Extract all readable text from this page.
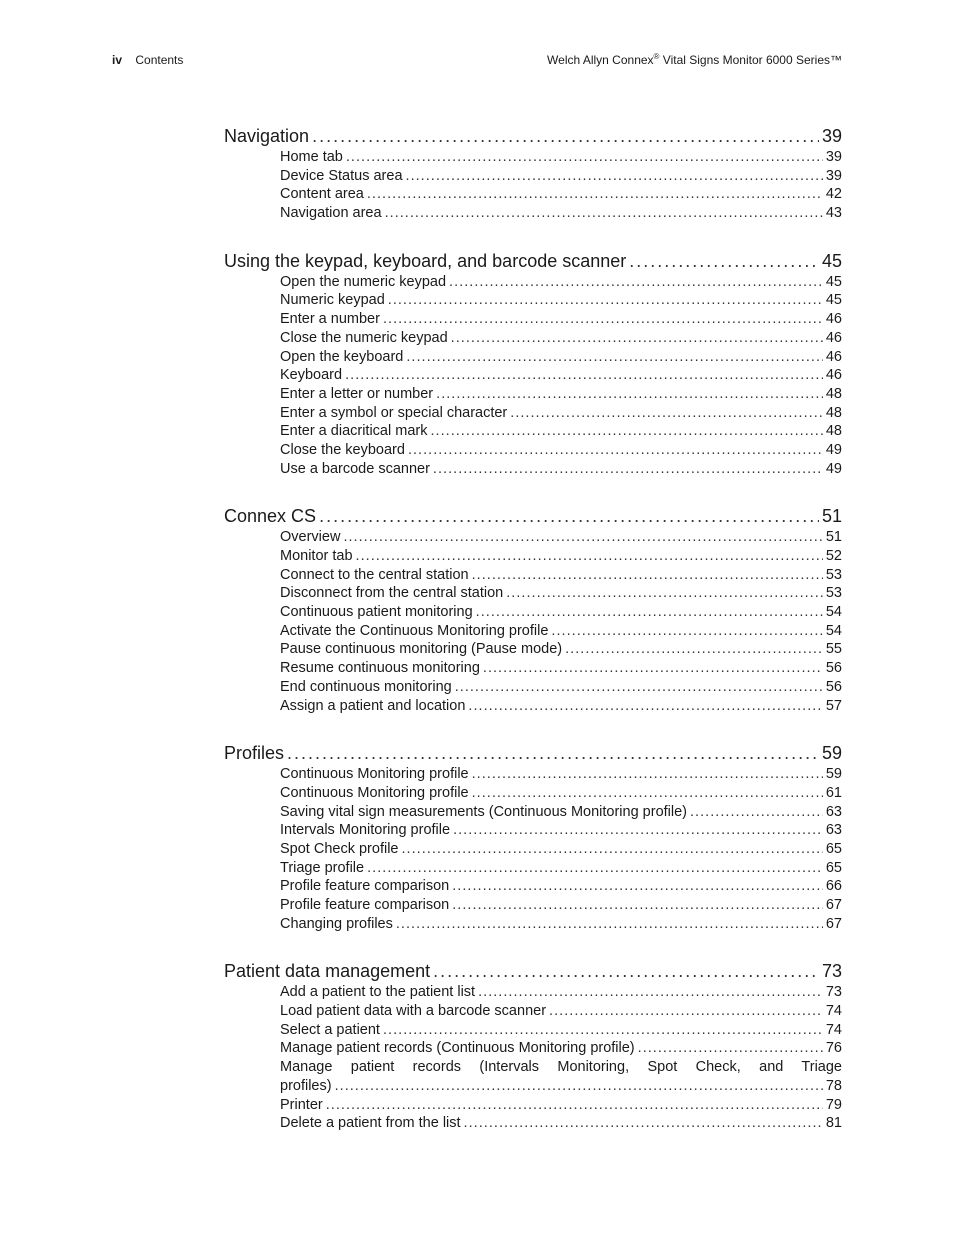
iv Contents	Welch Allyn Connex® Vital Signs Monitor 6000 Series™
Navigation . . .	39
Home tab . . .	39
Device Status area . . .	39
Content area . . .	42
Navigation area . . .	43
Using the keypad, keyboard, and barcode scanner . . .	45
Open the numeric keypad . . .	45
Numeric keypad . . .	45
Enter a number . . .	46
Close the numeric keypad . . .	46
Open the keyboard . . .	46
Keyboard . . .	46
Enter a letter or number . . .	48
Enter a symbol or special character . . .	48
Enter a diacritical mark . . .	48
Close the keyboard . . .	49
Use a barcode scanner . . .	49
Connex CS . . .	51
Overview . . .	51
Monitor tab . . .	52
Connect to the central station . . .	53
Disconnect from the central station . . .	53
Continuous patient monitoring . . .	54
Activate the Continuous Monitoring profile . . .	54
Pause continuous monitoring (Pause mode) . . .	55
Resume continuous monitoring . . .	56
End continuous monitoring . . .	56
Assign a patient and location . . .	57
Profiles . . .	59
Continuous Monitoring profile . . .	59
Continuous Monitoring profile . . .	61
Saving vital sign measurements (Continuous Monitoring profile) . . .	63
Intervals Monitoring profile . . .	63
Spot Check profile . . .	65
Triage profile . . .	65
Profile feature comparison . . .	66
Profile feature comparison . . .	67
Changing profiles . . .	67
Patient data management . . .	73
Add a patient to the patient list . . .	73
Load patient data with a barcode scanner . . .	74
Select a patient . . .	74
Manage patient records (Continuous Monitoring profile) . . .	76
Manage patient records (Intervals Monitoring, Spot Check, and Triage
profiles) . . .	78
Printer . . .	79
Delete a patient from the list . . .	81
